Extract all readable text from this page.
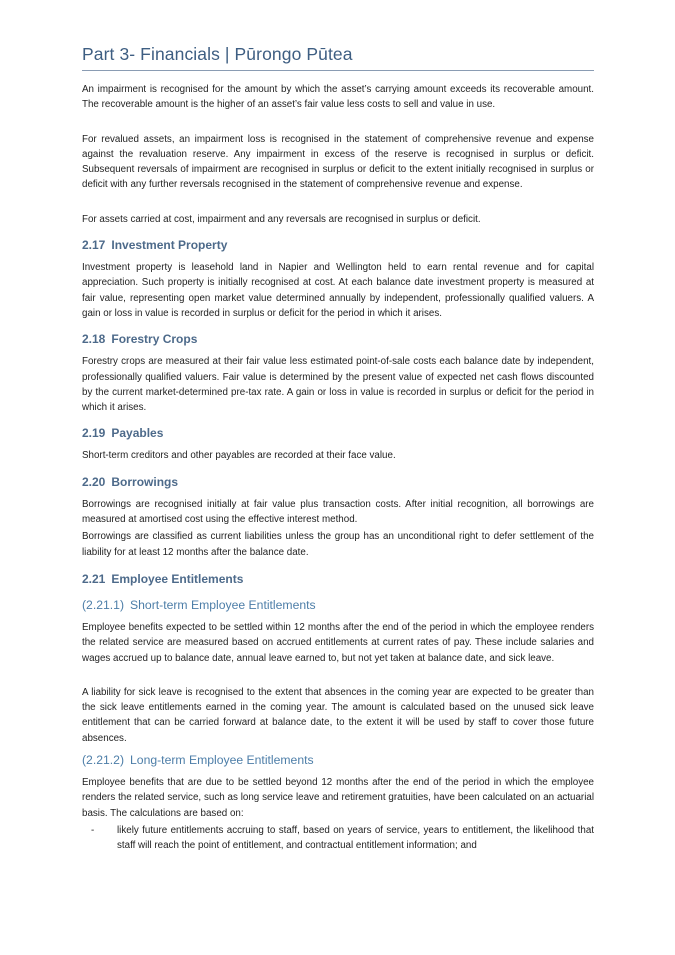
Part 3- Financials | Pūrongo Pūtea

An impairment is recognised for the amount by which the asset’s carrying amount exceeds its recoverable amount. The recoverable amount is the higher of an asset’s fair value less costs to sell and value in use.

For revalued assets, an impairment loss is recognised in the statement of comprehensive revenue and expense against the revaluation reserve. Any impairment in excess of the reserve is recognised in surplus or deficit. Subsequent reversals of impairment are recognised in surplus or deficit to the extent initially recognised in surplus or deficit with any further reversals recognised in the statement of comprehensive revenue and expense.

For assets carried at cost, impairment and any reversals are recognised in surplus or deficit.

2.17 Investment Property

Investment property is leasehold land in Napier and Wellington held to earn rental revenue and for capital appreciation. Such property is initially recognised at cost. At each balance date investment property is measured at fair value, representing open market value determined annually by independent, professionally qualified valuers. A gain or loss in value is recorded in surplus or deficit for the period in which it arises.

2.18 Forestry Crops

Forestry crops are measured at their fair value less estimated point-of-sale costs each balance date by independent, professionally qualified valuers. Fair value is determined by the present value of expected net cash flows discounted by the current market-determined pre-tax rate. A gain or loss in value is recorded in surplus or deficit for the period in which it arises.

2.19 Payables

Short-term creditors and other payables are recorded at their face value.

2.20 Borrowings

Borrowings are recognised initially at fair value plus transaction costs. After initial recognition, all borrowings are measured at amortised cost using the effective interest method.

Borrowings are classified as current liabilities unless the group has an unconditional right to defer settlement of the liability for at least 12 months after the balance date.

2.21 Employee Entitlements
(2.21.1) Short-term Employee Entitlements

Employee benefits expected to be settled within 12 months after the end of the period in which the employee renders the related service are measured based on accrued entitlements at current rates of pay. These include salaries and wages accrued up to balance date, annual leave earned to, but not yet taken at balance date, and sick leave.

A liability for sick leave is recognised to the extent that absences in the coming year are expected to be greater than the sick leave entitlements earned in the coming year. The amount is calculated based on the unused sick leave entitlement that can be carried forward at balance date, to the extent it will be used by staff to cover those future absences.

(2.21.2) Long-term Employee Entitlements

Employee benefits that are due to be settled beyond 12 months after the end of the period in which the employee renders the related service, such as long service leave and retirement gratuities, have been calculated on an actuarial basis. The calculations are based on:

- likely future entitlements accruing to staff, based on years of service, years to entitlement, the likelihood that staff will reach the point of entitlement, and contractual entitlement information; and
